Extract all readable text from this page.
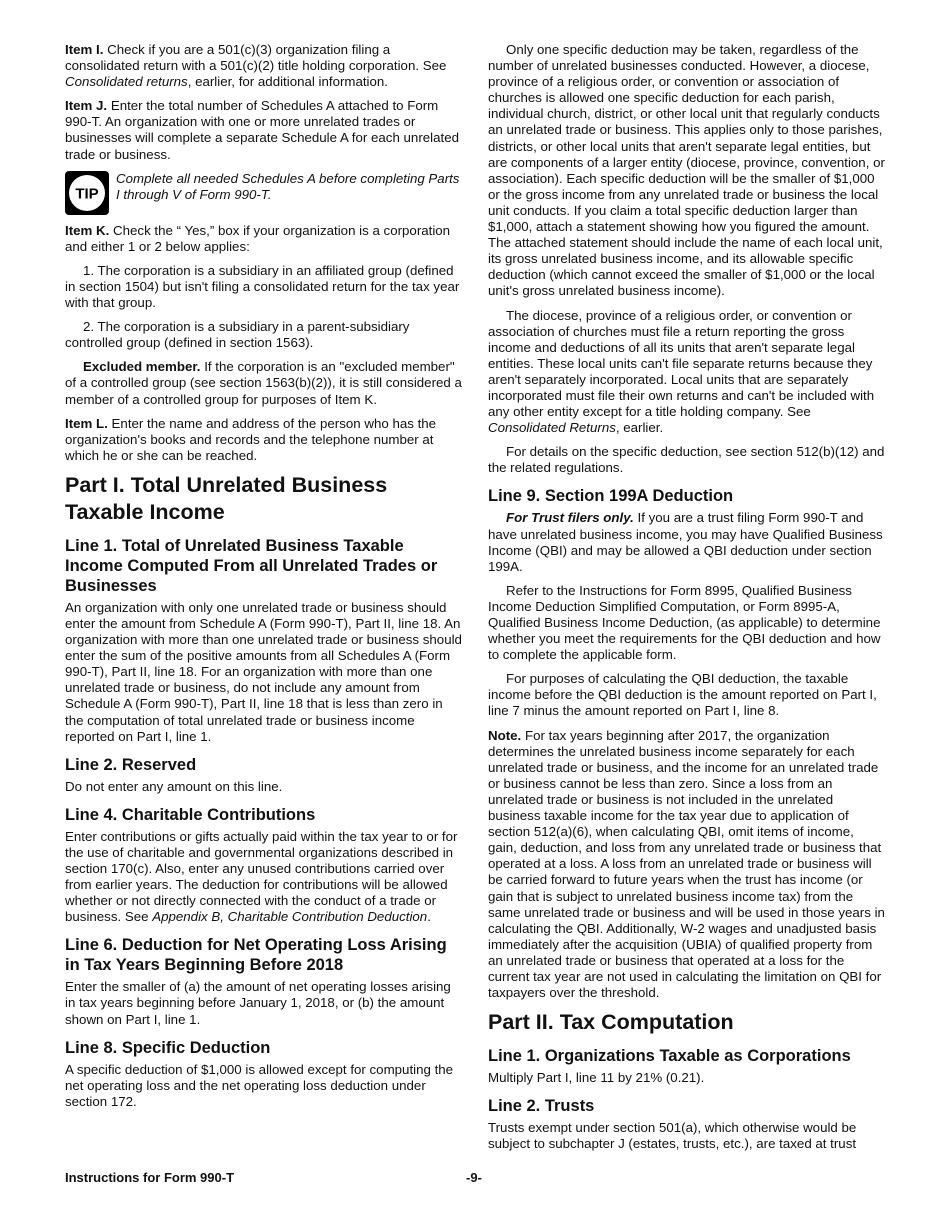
Item I. Check if you are a 501(c)(3) organization filing a consolidated return with a 501(c)(2) title holding corporation. See Consolidated returns, earlier, for additional information.

Item J. Enter the total number of Schedules A attached to Form 990-T. An organization with one or more unrelated trades or businesses will complete a separate Schedule A for each unrelated trade or business.

TIP
Complete all needed Schedules A before completing Parts I through V of Form 990-T.

Item K. Check the “ Yes,” box if your organization is a corporation and either 1 or 2 below applies:

1. The corporation is a subsidiary in an affiliated group (defined in section 1504) but isn't filing a consolidated return for the tax year with that group.

2. The corporation is a subsidiary in a parent-subsidiary controlled group (defined in section 1563).

Excluded member. If the corporation is an "excluded member" of a controlled group (see section 1563(b)(2)), it is still considered a member of a controlled group for purposes of Item K.

Item L. Enter the name and address of the person who has the organization's books and records and the telephone number at which he or she can be reached.

Part I. Total Unrelated Business Taxable Income
Line 1. Total of Unrelated Business Taxable Income Computed From all Unrelated Trades or Businesses

An organization with only one unrelated trade or business should enter the amount from Schedule A (Form 990-T), Part II, line 18. An organization with more than one unrelated trade or business should enter the sum of the positive amounts from all Schedules A (Form 990-T), Part II, line 18. For an organization with more than one unrelated trade or business, do not include any amount from Schedule A (Form 990-T), Part II, line 18 that is less than zero in the computation of total unrelated trade or business income reported on Part I, line 1.

Line 2. Reserved

Do not enter any amount on this line.

Line 4. Charitable Contributions

Enter contributions or gifts actually paid within the tax year to or for the use of charitable and governmental organizations described in section 170(c). Also, enter any unused contributions carried over from earlier years. The deduction for contributions will be allowed whether or not directly connected with the conduct of a trade or business. See Appendix B, Charitable Contribution Deduction.

Line 6. Deduction for Net Operating Loss Arising in Tax Years Beginning Before 2018

Enter the smaller of (a) the amount of net operating losses arising in tax years beginning before January 1, 2018, or (b) the amount shown on Part I, line 1.

Line 8. Specific Deduction

A specific deduction of $1,000 is allowed except for computing the net operating loss and the net operating loss deduction under section 172.

Only one specific deduction may be taken, regardless of the number of unrelated businesses conducted. However, a diocese, province of a religious order, or convention or association of churches is allowed one specific deduction for each parish, individual church, district, or other local unit that regularly conducts an unrelated trade or business. This applies only to those parishes, districts, or other local units that aren't separate legal entities, but are components of a larger entity (diocese, province, convention, or association). Each specific deduction will be the smaller of $1,000 or the gross income from any unrelated trade or business the local unit conducts. If you claim a total specific deduction larger than $1,000, attach a statement showing how you figured the amount. The attached statement should include the name of each local unit, its gross unrelated business income, and its allowable specific deduction (which cannot exceed the smaller of $1,000 or the local unit's gross unrelated business income).

The diocese, province of a religious order, or convention or association of churches must file a return reporting the gross income and deductions of all its units that aren't separate legal entities. These local units can't file separate returns because they aren't separately incorporated. Local units that are separately incorporated must file their own returns and can't be included with any other entity except for a title holding company. See Consolidated Returns, earlier.

For details on the specific deduction, see section 512(b)(12) and the related regulations.

Line 9. Section 199A Deduction

For Trust filers only. If you are a trust filing Form 990-T and have unrelated business income, you may have Qualified Business Income (QBI) and may be allowed a QBI deduction under section 199A.

Refer to the Instructions for Form 8995, Qualified Business Income Deduction Simplified Computation, or Form 8995-A, Qualified Business Income Deduction, (as applicable) to determine whether you meet the requirements for the QBI deduction and how to complete the applicable form.

For purposes of calculating the QBI deduction, the taxable income before the QBI deduction is the amount reported on Part I, line 7 minus the amount reported on Part I, line 8.

Note. For tax years beginning after 2017, the organization determines the unrelated business income separately for each unrelated trade or business, and the income for an unrelated trade or business cannot be less than zero. Since a loss from an unrelated trade or business is not included in the unrelated business taxable income for the tax year due to application of section 512(a)(6), when calculating QBI, omit items of income, gain, deduction, and loss from any unrelated trade or business that operated at a loss. A loss from an unrelated trade or business will be carried forward to future years when the trust has income (or gain that is subject to unrelated business income tax) from the same unrelated trade or business and will be used in those years in calculating the QBI. Additionally, W-2 wages and unadjusted basis immediately after the acquisition (UBIA) of qualified property from an unrelated trade or business that operated at a loss for the current tax year are not used in calculating the limitation on QBI for taxpayers over the threshold.

Part II. Tax Computation
Line 1. Organizations Taxable as Corporations

Multiply Part I, line 11 by 21% (0.21).

Line 2. Trusts

Trusts exempt under section 501(a), which otherwise would be subject to subchapter J (estates, trusts, etc.), are taxed at trust

Instructions for Form 990-T	-9-
